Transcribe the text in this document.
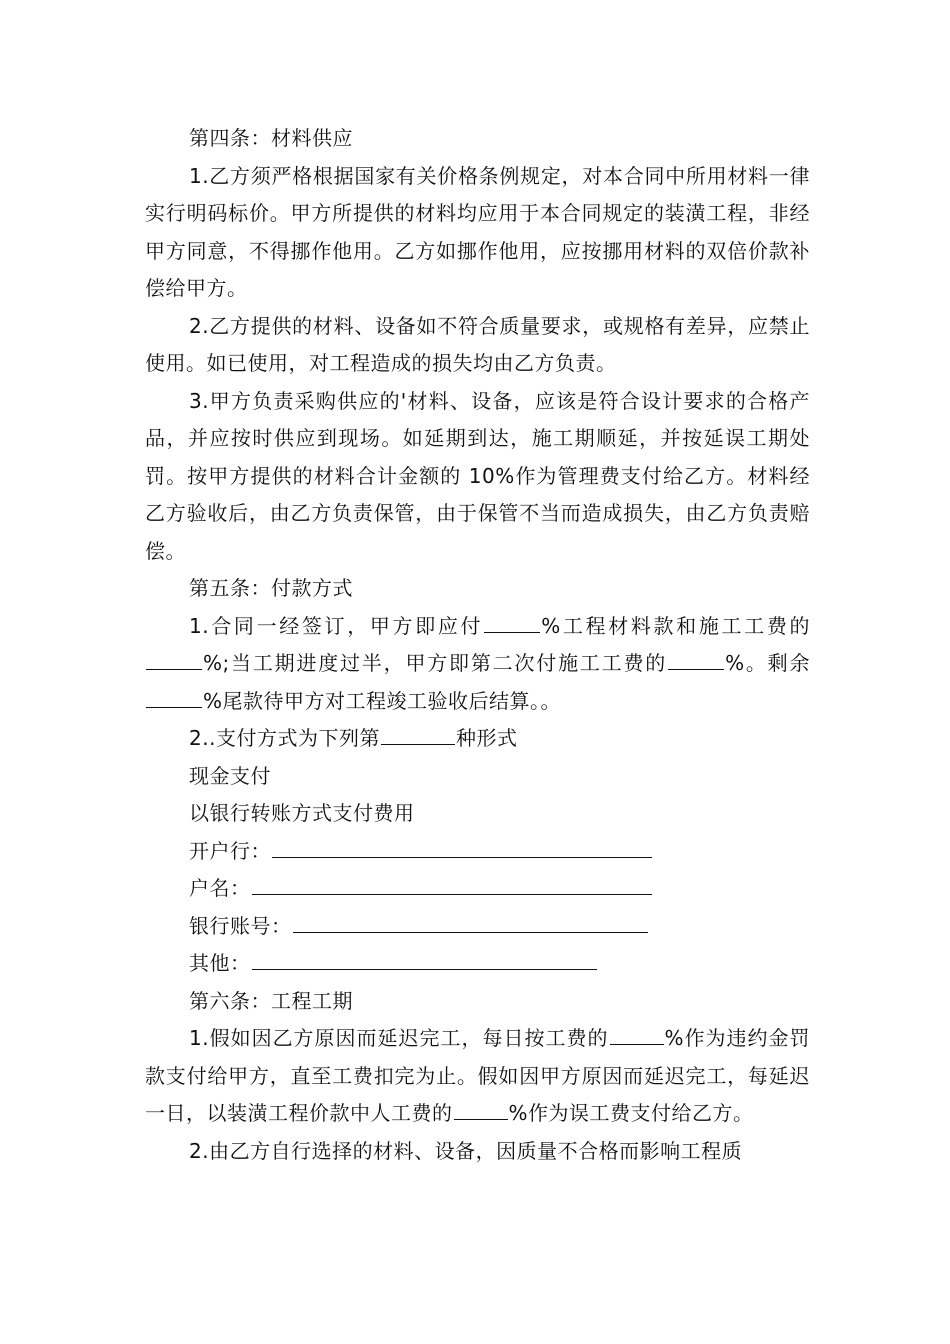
第四条：材料供应

1.乙方须严格根据国家有关价格条例规定，对本合同中所用材料一律实行明码标价。甲方所提供的材料均应用于本合同规定的装潢工程，非经甲方同意，不得挪作他用。乙方如挪作他用，应按挪用材料的双倍价款补偿给甲方。

2.乙方提供的材料、设备如不符合质量要求，或规格有差异，应禁止使用。如已使用，对工程造成的损失均由乙方负责。

3.甲方负责采购供应的'材料、设备，应该是符合设计要求的合格产品，并应按时供应到现场。如延期到达，施工期顺延，并按延误工期处罚。按甲方提供的材料合计金额的 10%作为管理费支付给乙方。材料经乙方验收后，由乙方负责保管，由于保管不当而造成损失，由乙方负责赔偿。

第五条：付款方式

1.合同一经签订，甲方即应付	%工程材料款和施工工费的%;当工期进度过半，甲方即第二次付施工工费的	%。剩余%尾款待甲方对工程竣工验收后结算。。

2..支付方式为下列第	种形式

现金支付

以银行转账方式支付费用

开户行：

户名：

银行账号：

其他：

第六条：工程工期

1.假如因乙方原因而延迟完工，每日按工费的	%作为违约金罚款支付给甲方，直至工费扣完为止。假如因甲方原因而延迟完工，每延迟一日，以装潢工程价款中人工费的	%作为误工费支付给乙方。

2.由乙方自行选择的材料、设备，因质量不合格而影响工程质
